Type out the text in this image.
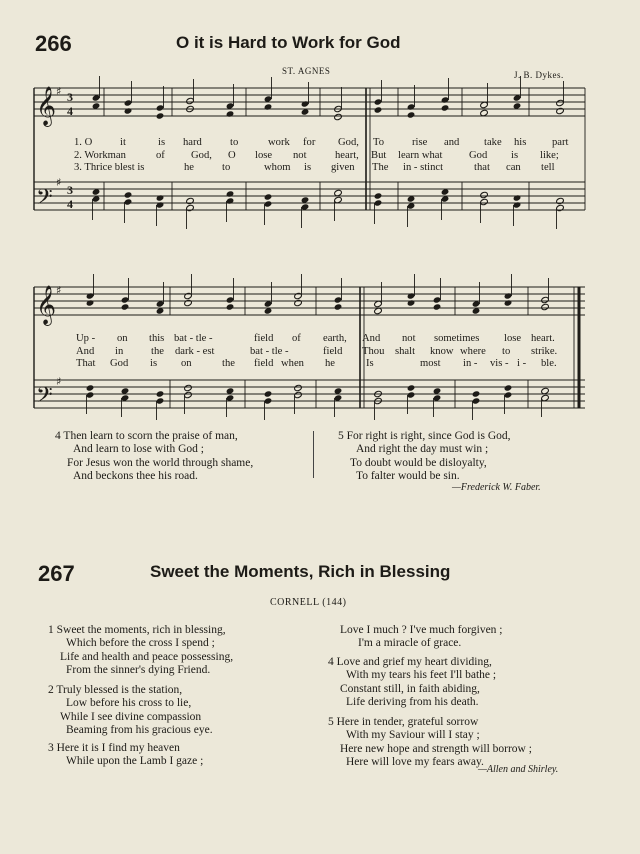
266	O it is Hard to Work for God
ST. AGNES	J. B. Dykes.
𝄞
𝄢
𝄞
𝄢
♯
♯
♯
♯
3
4
3
4
1. O	it	is hard	to	work for God, To	rise and take his part
2. Workman	of God, O lose not	heart, But learn what	God is like;
3. Thrice blest is	he	to	whom is given The in - stinct	that can tell
Up - on this bat - tle -	field of earth, And not sometimes lose heart.
And in	the dark - est	bat - tle -	field Thou shalt know where to strike.
That God is on	the field when he	Is	most in - vis - i - ble.
4 Then learn to scorn the praise of man,
And learn to lose with God ;
For Jesus won the world through shame,
And beckons thee his road.
5 For right is right, since God is God,
And right the day must win ;
To doubt would be disloyalty,
To falter would be sin.
—Frederick W. Faber.
267	Sweet the Moments, Rich in Blessing
CORNELL (144)
1 Sweet the moments, rich in blessing,
Which before the cross I spend ;
Life and health and peace possessing,
From the sinner's dying Friend.
2 Truly blessed is the station,
Low before his cross to lie,
While I see divine compassion
Beaming from his gracious eye.
3 Here it is I find my heaven
While upon the Lamb I gaze ;
Love I much ? I've much forgiven ;
I'm a miracle of grace.
4 Love and grief my heart dividing,
With my tears his feet I'll bathe ;
Constant still, in faith abiding,
Life deriving from his death.
5 Here in tender, grateful sorrow
With my Saviour will I stay ;
Here new hope and strength will borrow ;
Here will love my fears away.
—Allen and Shirley.
